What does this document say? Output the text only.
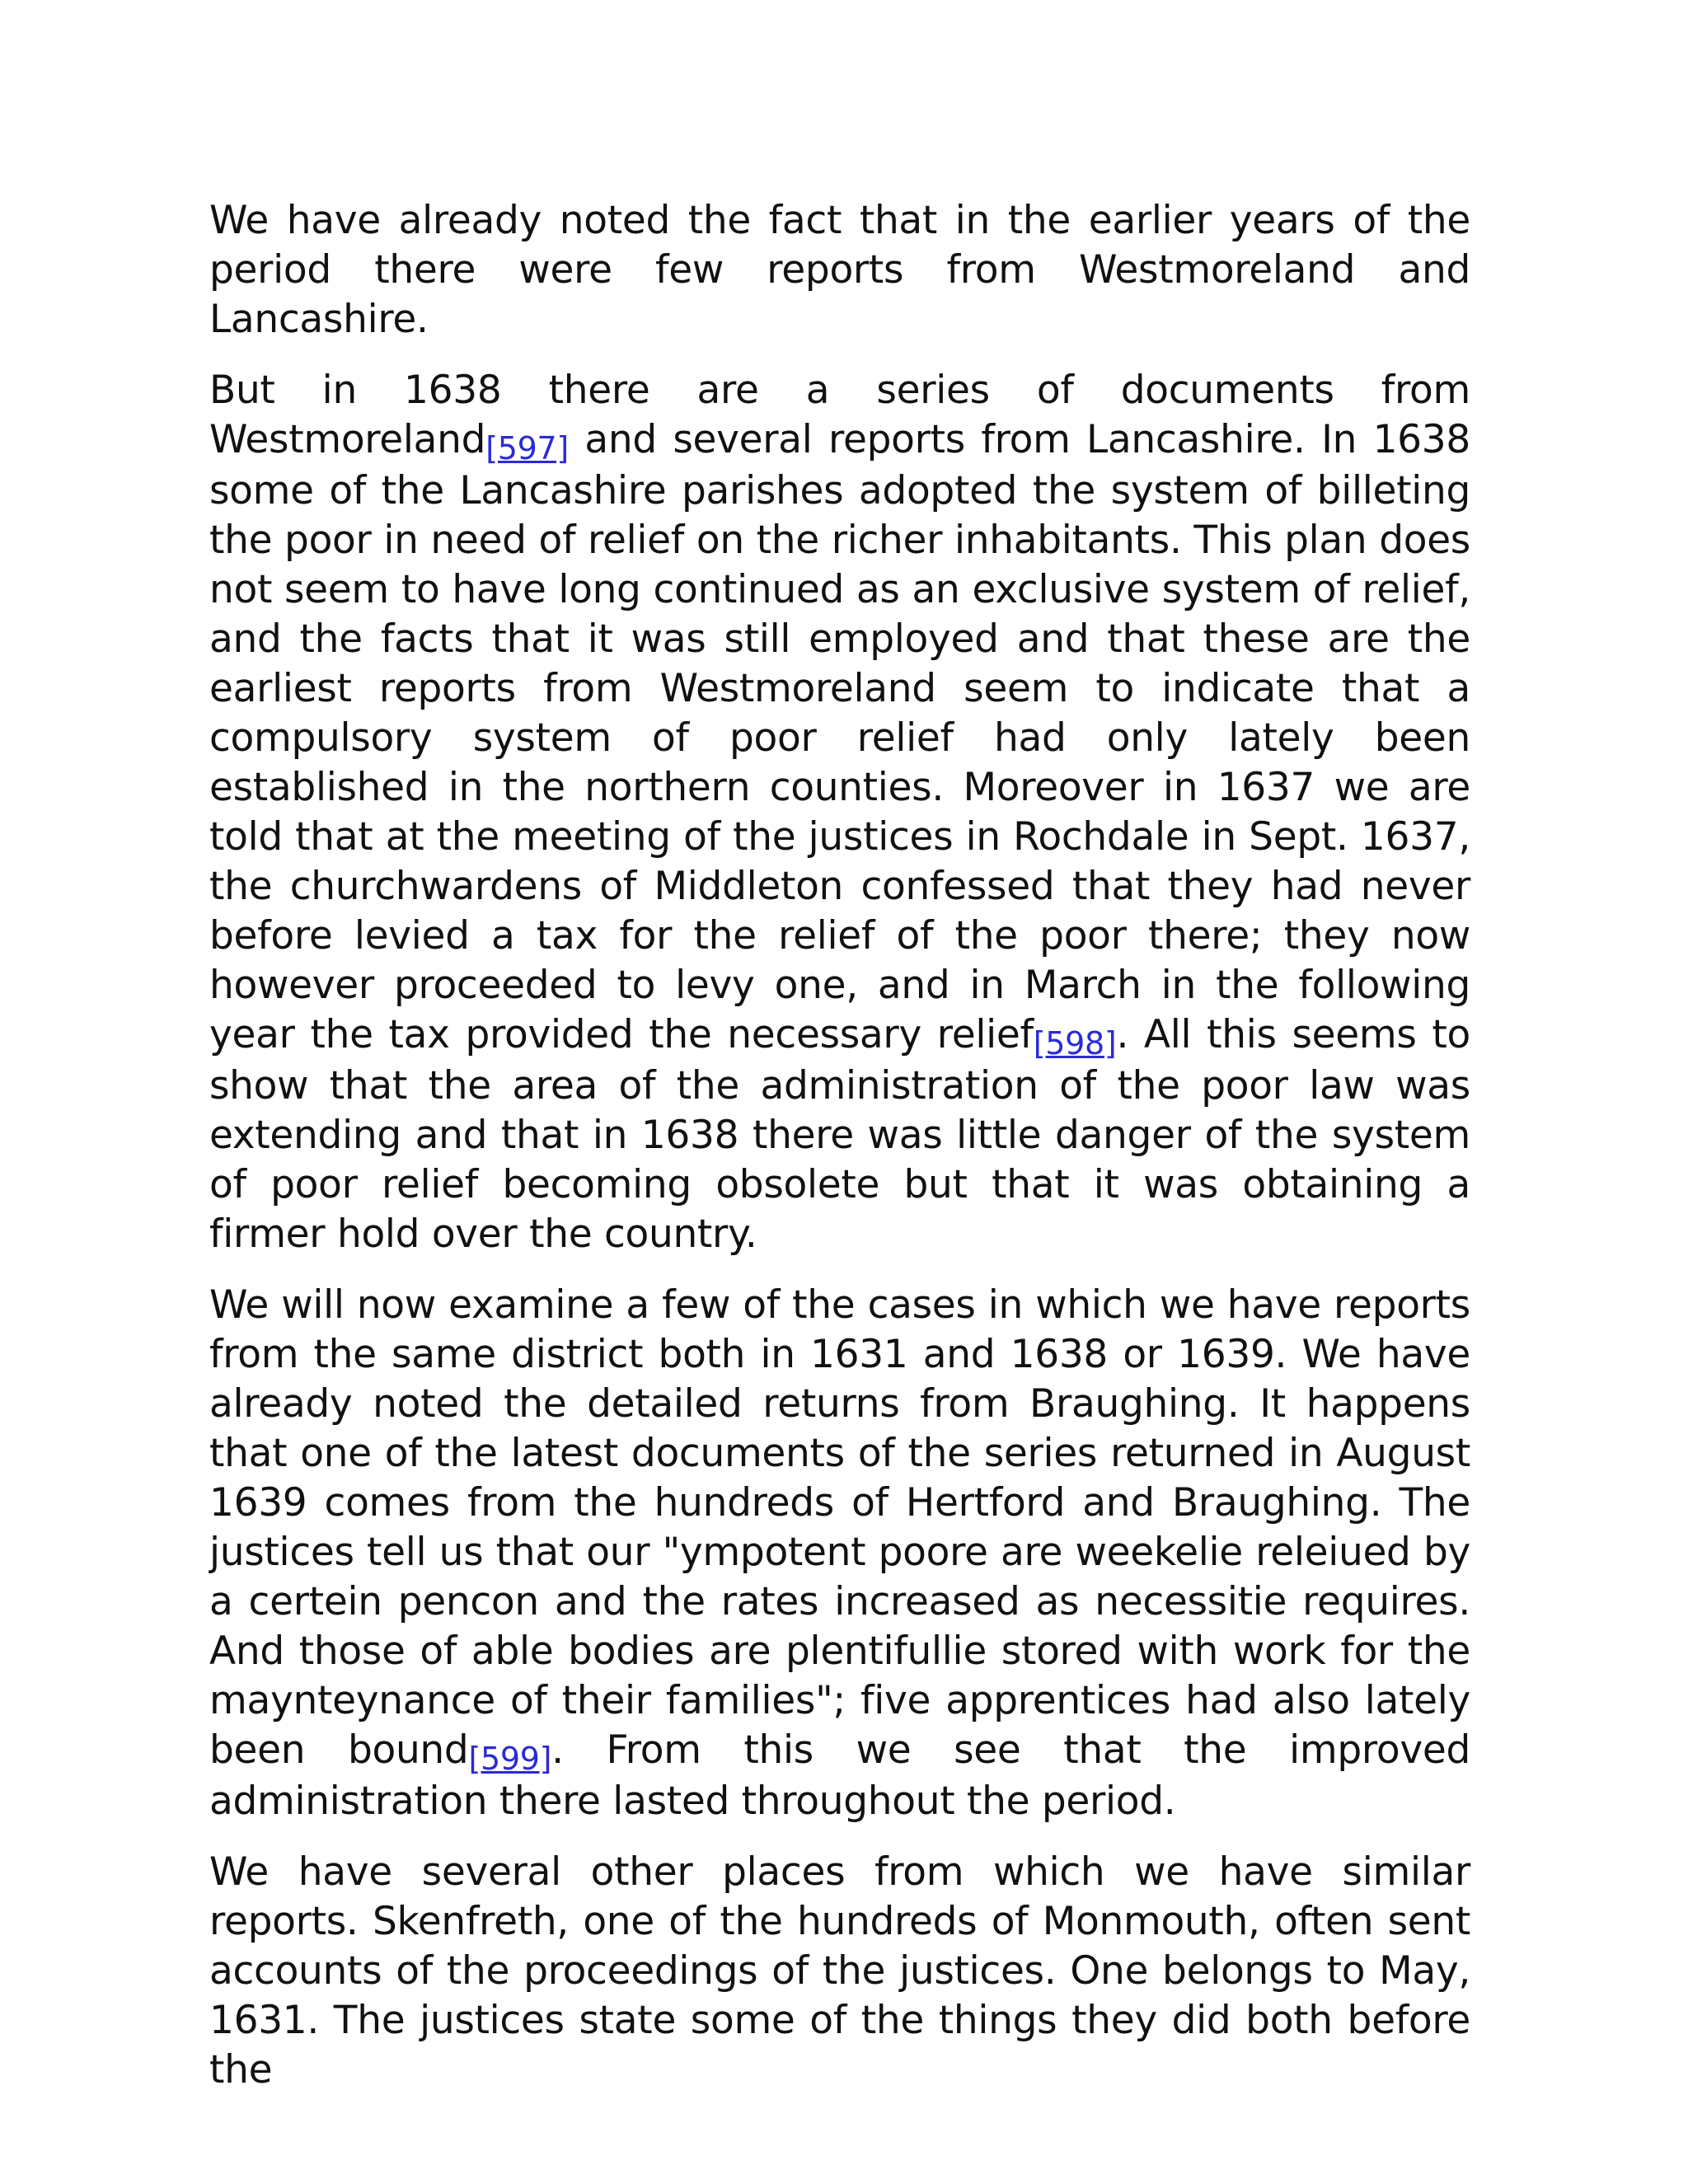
We have already noted the fact that in the earlier years of the period there were few reports from Westmoreland and Lancashire.

But in 1638 there are a series of documents from Westmoreland[597] and several reports from Lancashire. In 1638 some of the Lancashire parishes adopted the system of billeting the poor in need of relief on the richer inhabitants. This plan does not seem to have long continued as an exclusive system of relief, and the facts that it was still employed and that these are the earliest reports from Westmoreland seem to indicate that a compulsory system of poor relief had only lately been established in the northern counties. Moreover in 1637 we are told that at the meeting of the justices in Rochdale in Sept. 1637, the churchwardens of Middleton confessed that they had never before levied a tax for the relief of the poor there; they now however proceeded to levy one, and in March in the following year the tax provided the necessary relief[598]. All this seems to show that the area of the administration of the poor law was extending and that in 1638 there was little danger of the system of poor relief becoming obsolete but that it was obtaining a firmer hold over the country.

We will now examine a few of the cases in which we have reports from the same district both in 1631 and 1638 or 1639. We have already noted the detailed returns from Braughing. It happens that one of the latest documents of the series returned in August 1639 comes from the hundreds of Hertford and Braughing. The justices tell us that our "ympotent poore are weekelie releiued by a certein pencon and the rates increased as necessitie requires. And those of able bodies are plentifullie stored with work for the maynteynance of their families"; five apprentices had also lately been bound[599]. From this we see that the improved administration there lasted throughout the period.

We have several other places from which we have similar reports. Skenfreth, one of the hundreds of Monmouth, often sent accounts of the proceedings of the justices. One belongs to May, 1631. The justices state some of the things they did both before the
